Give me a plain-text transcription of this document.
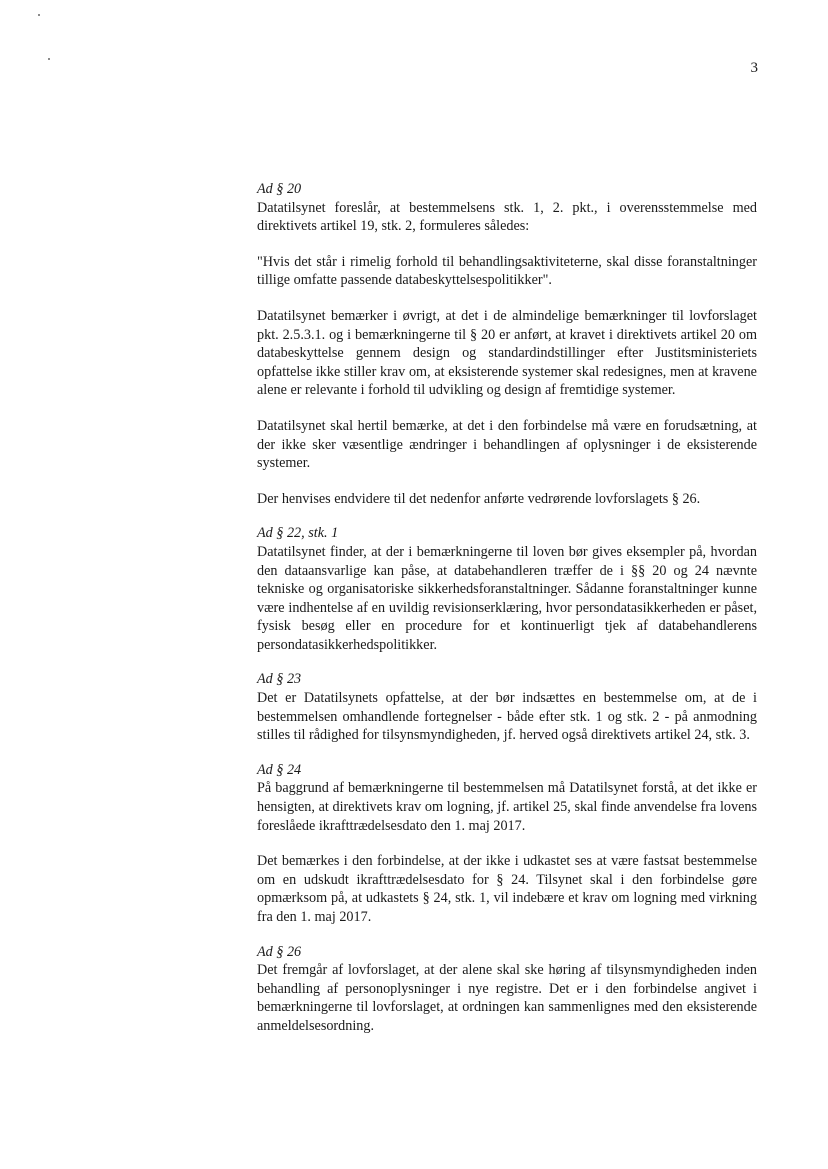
3
Ad § 20

Datatilsynet foreslår, at bestemmelsens stk. 1, 2. pkt., i overensstemmelse med direktivets artikel 19, stk. 2, formuleres således:

"Hvis det står i rimelig forhold til behandlingsaktiviteterne, skal disse foranstaltninger tillige omfatte passende databeskyttelsespolitikker".

Datatilsynet bemærker i øvrigt, at det i de almindelige bemærkninger til lovforslaget pkt. 2.5.3.1. og i bemærkningerne til § 20 er anført, at kravet i direktivets artikel 20 om databeskyttelse gennem design og standardindstillinger efter Justitsministeriets opfattelse ikke stiller krav om, at eksisterende systemer skal redesignes, men at kravene alene er relevante i forhold til udvikling og design af fremtidige systemer.

Datatilsynet skal hertil bemærke, at det i den forbindelse må være en forudsætning, at der ikke sker væsentlige ændringer i behandlingen af oplysninger i de eksisterende systemer.

Der henvises endvidere til det nedenfor anførte vedrørende lovforslagets § 26.

Ad § 22, stk. 1

Datatilsynet finder, at der i bemærkningerne til loven bør gives eksempler på, hvordan den dataansvarlige kan påse, at databehandleren træffer de i §§ 20 og 24 nævnte tekniske og organisatoriske sikkerhedsforanstaltninger. Sådanne foranstaltninger kunne være indhentelse af en uvildig revisionserklæring, hvor persondatasikkerheden er påset, fysisk besøg eller en procedure for et kontinuerligt tjek af databehandlerens persondatasikkerhedspolitikker.

Ad § 23

Det er Datatilsynets opfattelse, at der bør indsættes en bestemmelse om, at de i bestemmelsen omhandlende fortegnelser - både efter stk. 1 og stk. 2 - på anmodning stilles til rådighed for tilsynsmyndigheden, jf. herved også direktivets artikel 24, stk. 3.

Ad § 24

På baggrund af bemærkningerne til bestemmelsen må Datatilsynet forstå, at det ikke er hensigten, at direktivets krav om logning, jf. artikel 25, skal finde anvendelse fra lovens foreslåede ikrafttrædelsesdato den 1. maj 2017.

Det bemærkes i den forbindelse, at der ikke i udkastet ses at være fastsat bestemmelse om en udskudt ikrafttrædelsesdato for § 24. Tilsynet skal i den forbindelse gøre opmærksom på, at udkastets § 24, stk. 1, vil indebære et krav om logning med virkning fra den 1. maj 2017.

Ad § 26

Det fremgår af lovforslaget, at der alene skal ske høring af tilsynsmyndigheden inden behandling af personoplysninger i nye registre. Det er i den forbindelse angivet i bemærkningerne til lovforslaget, at ordningen kan sammenlignes med den eksisterende anmeldelsesordning.
